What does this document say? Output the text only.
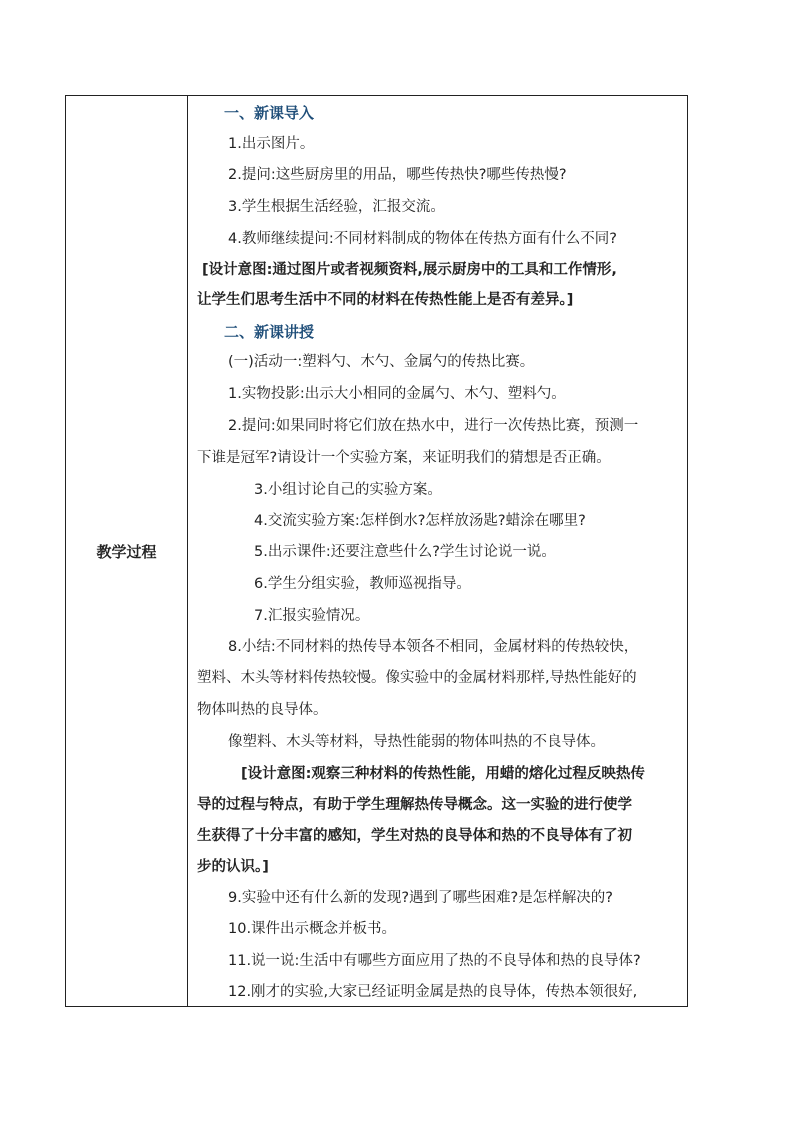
教学过程
一、新课导入
1.出示图片。
2.提问:这些厨房里的用品，哪些传热快?哪些传热慢?
3.学生根据生活经验，汇报交流。
4.教师继续提问:不同材料制成的物体在传热方面有什么不同?
[设计意图:通过图片或者视频资料,展示厨房中的工具和工作情形,
让学生们思考生活中不同的材料在传热性能上是否有差异。]
二、新课讲授
(一)活动一:塑料勺、木勺、金属勺的传热比赛。
1.实物投影:出示大小相同的金属勺、木勺、塑料勺。
2.提问:如果同时将它们放在热水中，进行一次传热比赛，预测一
下谁是冠军?请设计一个实验方案，来证明我们的猜想是否正确。
3.小组讨论自己的实验方案。
4.交流实验方案:怎样倒水?怎样放汤匙?蜡涂在哪里?
5.出示课件:还要注意些什么?学生讨论说一说。
6.学生分组实验，教师巡视指导。
7.汇报实验情况。
8.小结:不同材料的热传导本领各不相同，金属材料的传热较快，
塑料、木头等材料传热较慢。像实验中的金属材料那样,导热性能好的
物体叫热的良导体。
像塑料、木头等材料，导热性能弱的物体叫热的不良导体。
[设计意图:观察三种材料的传热性能，用蜡的熔化过程反映热传
导的过程与特点，有助于学生理解热传导概念。这一实验的进行使学
生获得了十分丰富的感知，学生对热的良导体和热的不良导体有了初
步的认识。]
9.实验中还有什么新的发现?遇到了哪些困难?是怎样解决的?
10.课件出示概念并板书。
11.说一说:生活中有哪些方面应用了热的不良导体和热的良导体?
12.刚才的实验,大家已经证明金属是热的良导体，传热本领很好,
